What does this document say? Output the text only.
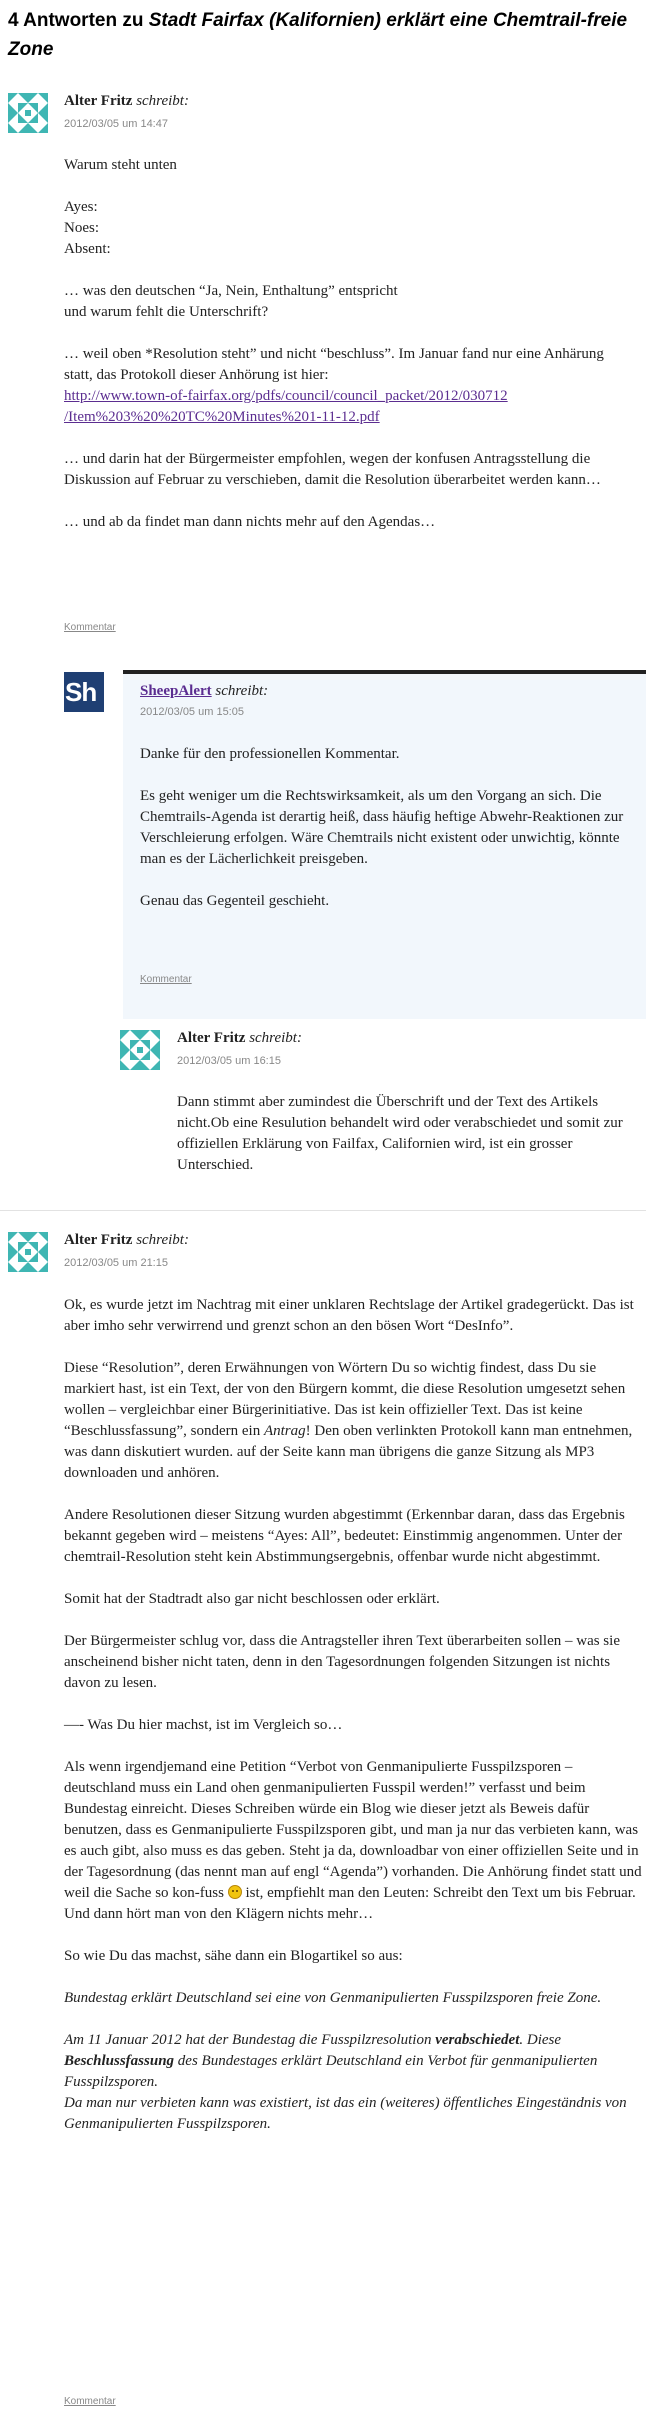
4 Antworten zu Stadt Fairfax (Kalifornien) erklärt eine Chemtrail-freie Zone
Alter Fritz schreibt:
2012/03/05 um 14:47

Warum steht unten

Ayes:
Noes:
Absent:

… was den deutschen “Ja, Nein, Enthaltung” entspricht
und warum fehlt die Unterschrift?

… weil oben *Resolution steht” und nicht “beschluss”. Im Januar fand nur eine Anhärung statt, das Protokoll dieser Anhörung ist hier:
http://www.town-of-fairfax.org/pdfs/council/council_packet/2012/030712
/Item%203%20%20TC%20Minutes%201-11-12.pdf

… und darin hat der Bürgermeister empfohlen, wegen der konfusen Antragsstellung die Diskussion auf Februar zu verschieben, damit die Resolution überarbeitet werden kann…

… und ab da findet man dann nichts mehr auf den Agendas…

Kommentar
Sh	SheepAlert schreibt:
2012/03/05 um 15:05

Danke für den professionellen Kommentar.

Es geht weniger um die Rechtswirksamkeit, als um den Vorgang an sich. Die Chemtrails-Agenda ist derartig heiß, dass häufig heftige Abwehr-Reaktionen zur Verschleierung erfolgen. Wäre Chemtrails nicht existent oder unwichtig, könnte man es der Lächerlichkeit preisgeben.

Genau das Gegenteil geschieht.

Kommentar
Alter Fritz schreibt:
2012/03/05 um 16:15

Dann stimmt aber zumindest die Überschrift und der Text des Artikels nicht.Ob eine Resulution behandelt wird oder verabschiedet und somit zur offiziellen Erklärung von Failfax, Californien wird, ist ein grosser Unterschied.

Alter Fritz schreibt:
2012/03/05 um 21:15

Ok, es wurde jetzt im Nachtrag mit einer unklaren Rechtslage der Artikel gradegerückt. Das ist aber imho sehr verwirrend und grenzt schon an den bösen Wort “DesInfo”.

Diese “Resolution”, deren Erwähnungen von Wörtern Du so wichtig findest, dass Du sie markiert hast, ist ein Text, der von den Bürgern kommt, die diese Resolution umgesetzt sehen wollen – vergleichbar einer Bürgerinitiative. Das ist kein offizieller Text. Das ist keine “Beschlussfassung”, sondern ein Antrag! Den oben verlinkten Protokoll kann man entnehmen, was dann diskutiert wurden. auf der Seite kann man übrigens die ganze Sitzung als MP3 downloaden und anhören.

Andere Resolutionen dieser Sitzung wurden abgestimmt (Erkennbar daran, dass das Ergebnis bekannt gegeben wird – meistens “Ayes: All”, bedeutet: Einstimmig angenommen. Unter der chemtrail-Resolution steht kein Abstimmungsergebnis, offenbar wurde nicht abgestimmt.

Somit hat der Stadtradt also gar nicht beschlossen oder erklärt.

Der Bürgermeister schlug vor, dass die Antragsteller ihren Text überarbeiten sollen – was sie anscheinend bisher nicht taten, denn in den Tagesordnungen folgenden Sitzungen ist nichts davon zu lesen.

—- Was Du hier machst, ist im Vergleich so…

Als wenn irgendjemand eine Petition “Verbot von Genmanipulierte Fusspilzsporen – deutschland muss ein Land ohen genmanipulierten Fusspil werden!” verfasst und beim Bundestag einreicht. Dieses Schreiben würde ein Blog wie dieser jetzt als Beweis dafür benutzen, dass es Genmanipulierte Fusspilzsporen gibt, und man ja nur das verbieten kann, was es auch gibt, also muss es das geben. Steht ja da, downloadbar von einer offiziellen Seite und in der Tagesordnung (das nennt man auf engl “Agenda”) vorhanden. Die Anhörung findet statt und weil die Sache so kon-fuss ist, empfiehlt man den Leuten: Schreibt den Text um bis Februar. Und dann hört man von den Klägern nichts mehr…

So wie Du das machst, sähe dann ein Blogartikel so aus:

Bundestag erklärt Deutschland sei eine von Genmanipulierten Fusspilzsporen freie Zone.

Am 11 Januar 2012 hat der Bundestag die Fusspilzresolution verabschiedet. Diese Beschlussfassung des Bundestages erklärt Deutschland ein Verbot für genmanipulierten Fusspilzsporen.
Da man nur verbieten kann was existiert, ist das ein (weiteres) öffentliches Eingeständnis von Genmanipulierten Fusspilzsporen.

Kommentar
